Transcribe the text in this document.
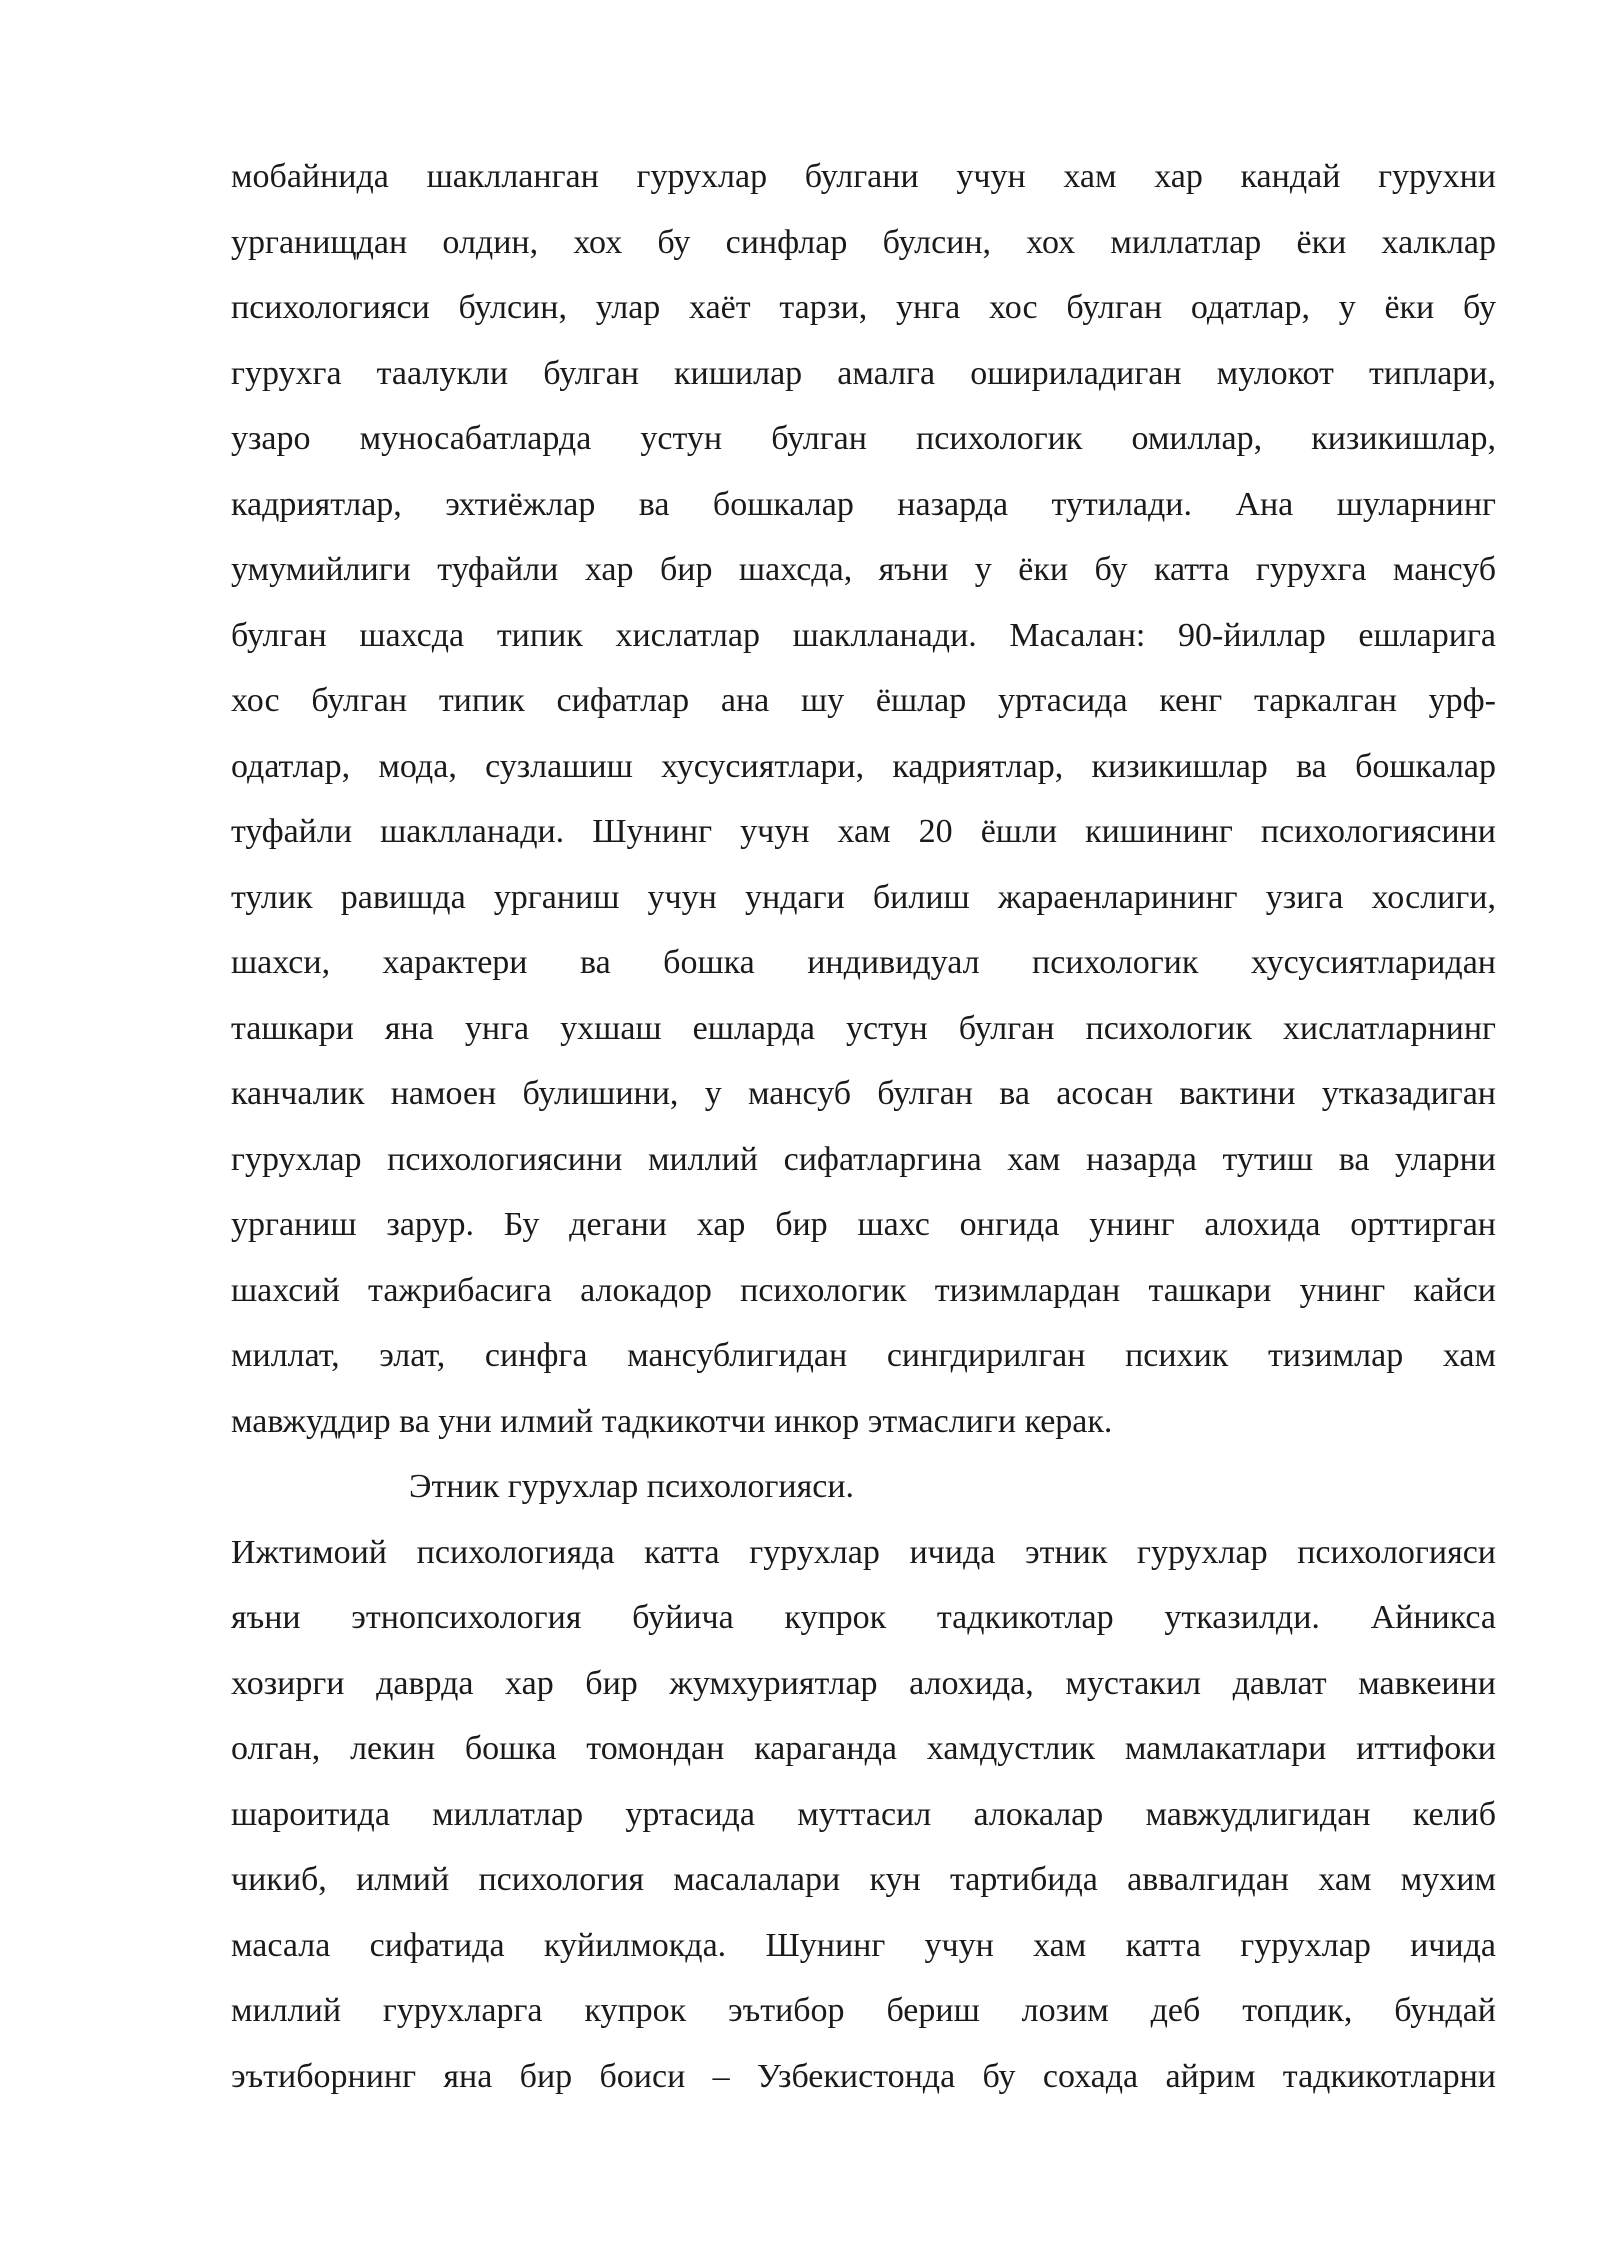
мобайнида шаклланган гурухлар булгани учун хам хар кандай гурухни
урганищдан олдин, хох бу синфлар булсин, хох миллатлар ёки халклар
психологияси булсин, улар хаёт тарзи, унга хос булган одатлар, у ёки бу
гурухга таалукли булган кишилар амалга ошириладиган мулокот типлари,
узаро муносабатларда устун булган психологик омиллар, кизикишлар,
кадриятлар, эхтиёжлар ва бошкалар назарда тутилади. Ана шуларнинг
умумийлиги туфайли хар бир шахсда, яъни у ёки бу катта гурухга мансуб
булган шахсда типик хислатлар шаклланади. Масалан: 90-йиллар ешларига
хос булган типик сифатлар ана шу ёшлар уртасида кенг таркалган урф-
одатлар, мода, сузлашиш хусусиятлари, кадриятлар, кизикишлар ва бошкалар
туфайли шаклланади. Шунинг учун хам 20 ёшли кишининг психологиясини
тулик равишда урганиш учун ундаги билиш жараенларининг узига хослиги,
шахси, характери ва бошка индивидуал психологик хусусиятларидан
ташкари яна унга ухшаш ешларда устун булган психологик хислатларнинг
канчалик намоен булишини, у мансуб булган ва асосан вактини утказадиган
гурухлар психологиясини миллий сифатларгина хам назарда тутиш ва уларни
урганиш зарур. Бу дегани хар бир шахс онгида унинг алохида орттирган
шахсий тажрибасига алокадор психологик тизимлардан ташкари унинг кайси
миллат, элат, синфга мансублигидан сингдирилган психик тизимлар хам
мавжуддир ва уни илмий тадкикотчи инкор этмаслиги керак.
Этник гурухлар психологияси.
Ижтимоий психологияда катта гурухлар ичида этник гурухлар психологияси
яъни этнопсихология буйича купрок тадкикотлар утказилди. Айникса
хозирги даврда хар бир жумхуриятлар алохида, мустакил давлат мавкеини
олган, лекин бошка томондан караганда хамдустлик мамлакатлари иттифоки
шароитида миллатлар уртасида муттасил алокалар мавжудлигидан келиб
чикиб, илмий психология масалалари кун тартибида аввалгидан хам мухим
масала сифатида куйилмокда. Шунинг учун хам катта гурухлар ичида
миллий гурухларга купрок эътибор бериш лозим деб топдик, бундай
эътиборнинг яна бир боиси – Узбекистонда бу сохада айрим тадкикотларни
